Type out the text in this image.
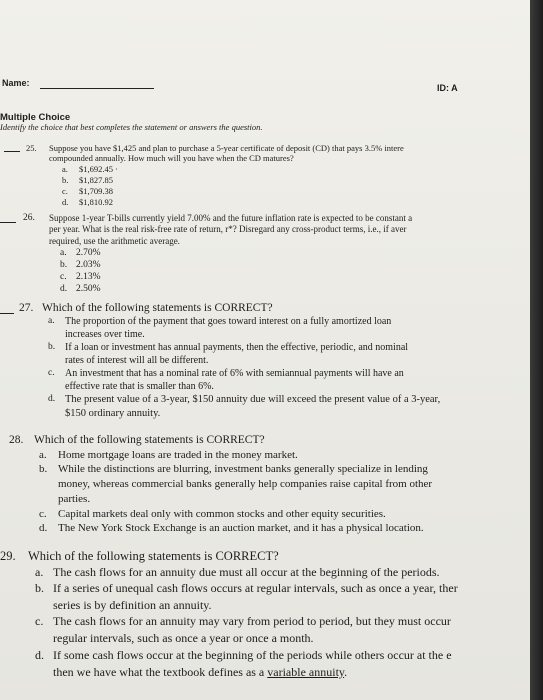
Name:	ID: A
Multiple Choice
Identify the choice that best completes the statement or answers the question.
25. Suppose you have $1,425 and plan to purchase a 5-year certificate of deposit (CD) that pays 3.5% intere
compounded annually. How much will you have when the CD matures?
a. $1,692.45 ·
b. $1,827.85
c. $1,709.38
d. $1,810.92
26. Suppose 1-year T-bills currently yield 7.00% and the future inflation rate is expected to be constant a
per year. What is the real risk-free rate of return, r*? Disregard any cross-product terms, i.e., if aver
required, use the arithmetic average.
a. 2.70%
b. 2.03%
c. 2.13%
d. 2.50%
27. Which of the following statements is CORRECT?
a. The proportion of the payment that goes toward interest on a fully amortized loan
increases over time.
b. If a loan or investment has annual payments, then the effective, periodic, and nominal
rates of interest will all be different.
c. An investment that has a nominal rate of 6% with semiannual payments will have an
effective rate that is smaller than 6%.
d. The present value of a 3-year, $150 annuity due will exceed the present value of a 3-year,
$150 ordinary annuity.
28. Which of the following statements is CORRECT?
a. Home mortgage loans are traded in the money market.
b. While the distinctions are blurring, investment banks generally specialize in lending
money, whereas commercial banks generally help companies raise capital from other
parties.
c. Capital markets deal only with common stocks and other equity securities.
d. The New York Stock Exchange is an auction market, and it has a physical location.
29. Which of the following statements is CORRECT?
a. The cash flows for an annuity due must all occur at the beginning of the periods.
b. If a series of unequal cash flows occurs at regular intervals, such as once a year, ther
series is by definition an annuity.
c. The cash flows for an annuity may vary from period to period, but they must occur
regular intervals, such as once a year or once a month.
d. If some cash flows occur at the beginning of the periods while others occur at the e
then we have what the textbook defines as a variable annuity.
